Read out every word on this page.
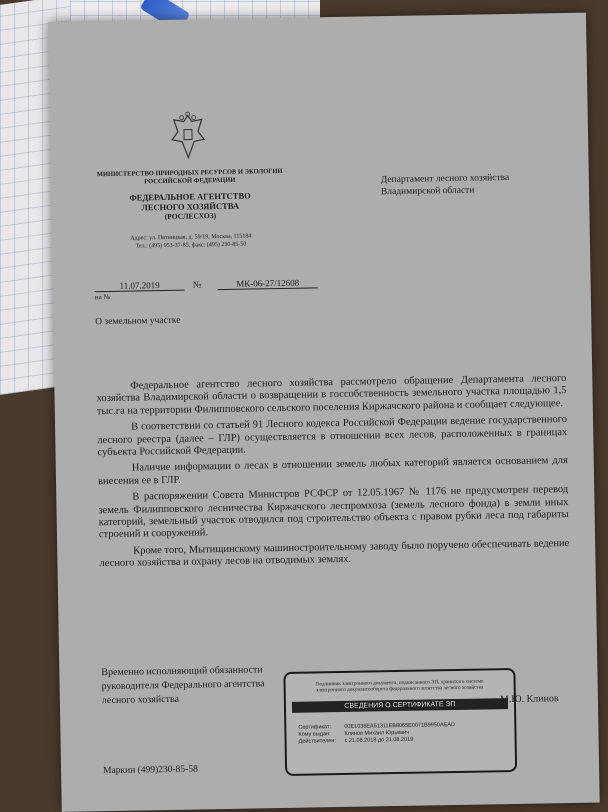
МИНИСТЕРСТВО ПРИРОДНЫХ РЕСУРСОВ И ЭКОЛОГИИ РОССИЙСКОЙ ФЕДЕРАЦИИ
ФЕДЕРАЛЬНОЕ АГЕНТСТВО
ЛЕСНОГО ХОЗЯЙСТВА
(РОСЛЕСХОЗ)
Адрес: ул. Пятницкая, д. 59/19, Москва, 115184
Тел.: (495) 953-37-85, факс: (495) 230-85-50
11.07.2019	№	МК-06-27/12608
на №
Департамент лесного хозяйства Владимирской области
О земельном участке

Федеральное агентство лесного хозяйства рассмотрело обращение Департамента лесного хозяйства Владимирской области о возвращении в госсобственность земельного участка площадью 1,5 тыс.га на территории Филипповского сельского поселения Киржачского района и сообщает следующее.

В соответствии со статьей 91 Лесного кодекса Российской Федерации ведение государственного лесного реестра (далее – ГЛР) осуществляется в отношении всех лесов, расположенных в границах субъекта Российской Федерации.

Наличие информации о лесах в отношении земель любых категорий является основанием для внесения ее в ГЛР.

В распоряжении Совета Министров РСФСР от 12.05.1967 № 1176 не предусмотрен перевод земель Филипповского лесничества Киржачского леспромхоза (земель лесного фонда) в земли иных категорий, земельный участок отводился под строительство объекта с правом рубки леса под габариты строений и сооружений.

Кроме того, Мытищинскому машиностроительному заводу было поручено обеспечивать ведение лесного хозяйства и охрану лесов на отводимых землях.

Временно исполняющий обязанности
руководителя Федерального агентства
лесного хозяйства
Подлинник электронного документа, подписанного ЭП, хранится в системе электронного документооборота федерального агентства лесного хозяйства
СВЕДЕНИЯ О СЕРТИФИКАТЕ ЭП
Сертификат: 00E1036EA51311EB8065E0071B9950AEAD
Кому выдан:	Клинов Михаил Юрьевич
Действителен: с 21.08.2018 до 21.08.2019
М.Ю. Клинов
Маркин (499)230-85-58
